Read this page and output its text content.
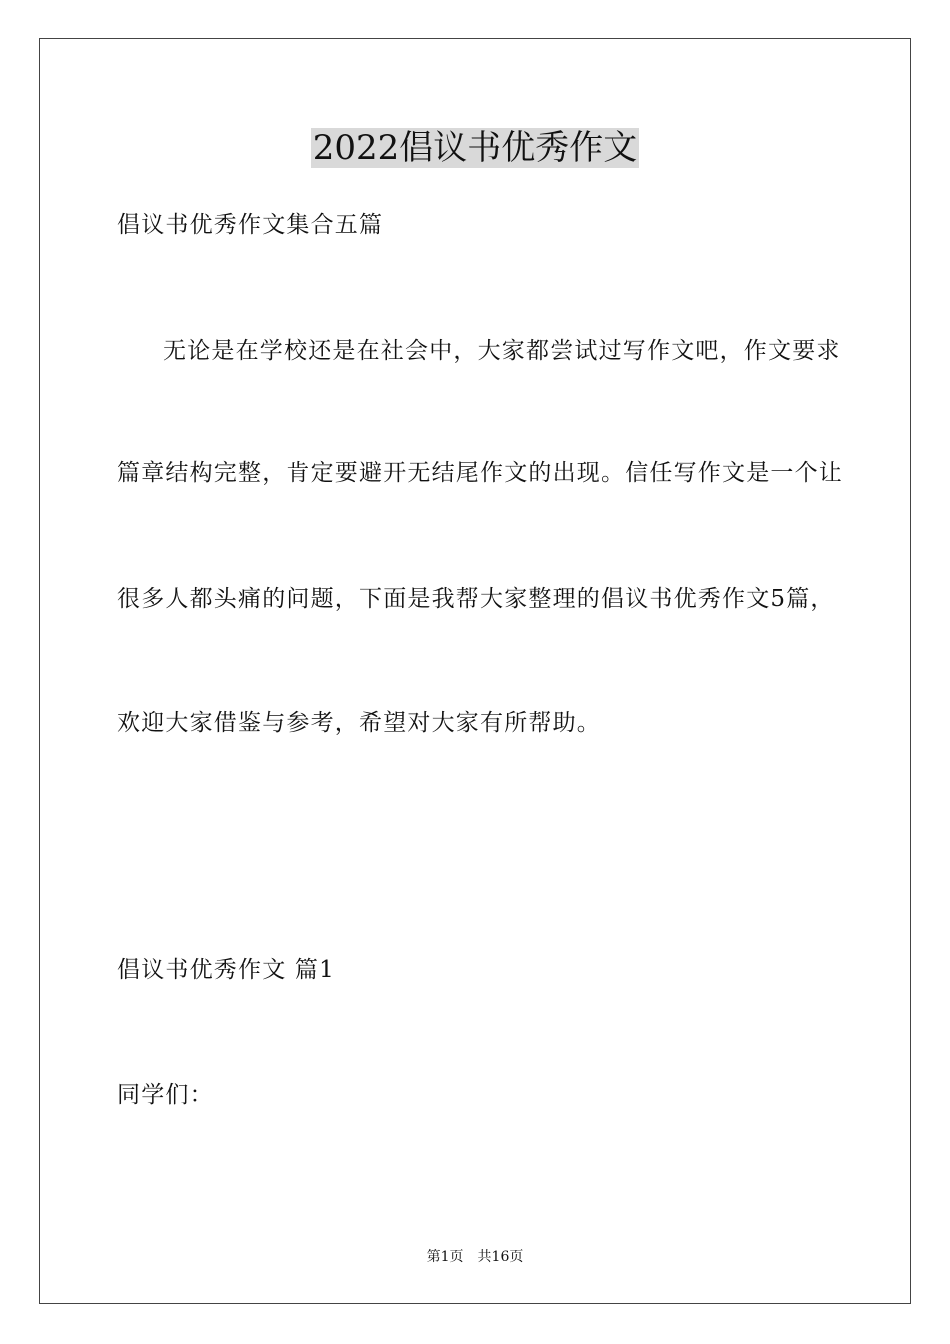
2022倡议书优秀作文

倡议书优秀作文集合五篇

无论是在学校还是在社会中，大家都尝试过写作文吧，作文要求

篇章结构完整，肯定要避开无结尾作文的出现。信任写作文是一个让

很多人都头痛的问题，下面是我帮大家整理的倡议书优秀作文5篇，

欢迎大家借鉴与参考，希望对大家有所帮助。

倡议书优秀作文 篇1

同学们：

第1页 共16页
